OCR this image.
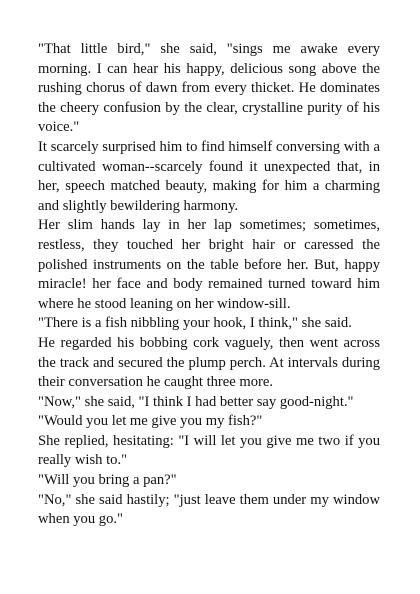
"That little bird," she said, "sings me awake every morning. I can hear his happy, delicious song above the rushing chorus of dawn from every thicket. He dominates the cheery confusion by the clear, crystalline purity of his voice."

It scarcely surprised him to find himself conversing with a cultivated woman--scarcely found it unexpected that, in her, speech matched beauty, making for him a charming and slightly bewildering harmony.

Her slim hands lay in her lap sometimes; sometimes, restless, they touched her bright hair or caressed the polished instruments on the table before her. But, happy miracle! her face and body remained turned toward him where he stood leaning on her window-sill.

"There is a fish nibbling your hook, I think," she said.

He regarded his bobbing cork vaguely, then went across the track and secured the plump perch. At intervals during their conversation he caught three more.

"Now," she said, "I think I had better say good-night."

"Would you let me give you my fish?"

She replied, hesitating: "I will let you give me two if you really wish to."

"Will you bring a pan?"

"No," she said hastily; "just leave them under my window when you go."
